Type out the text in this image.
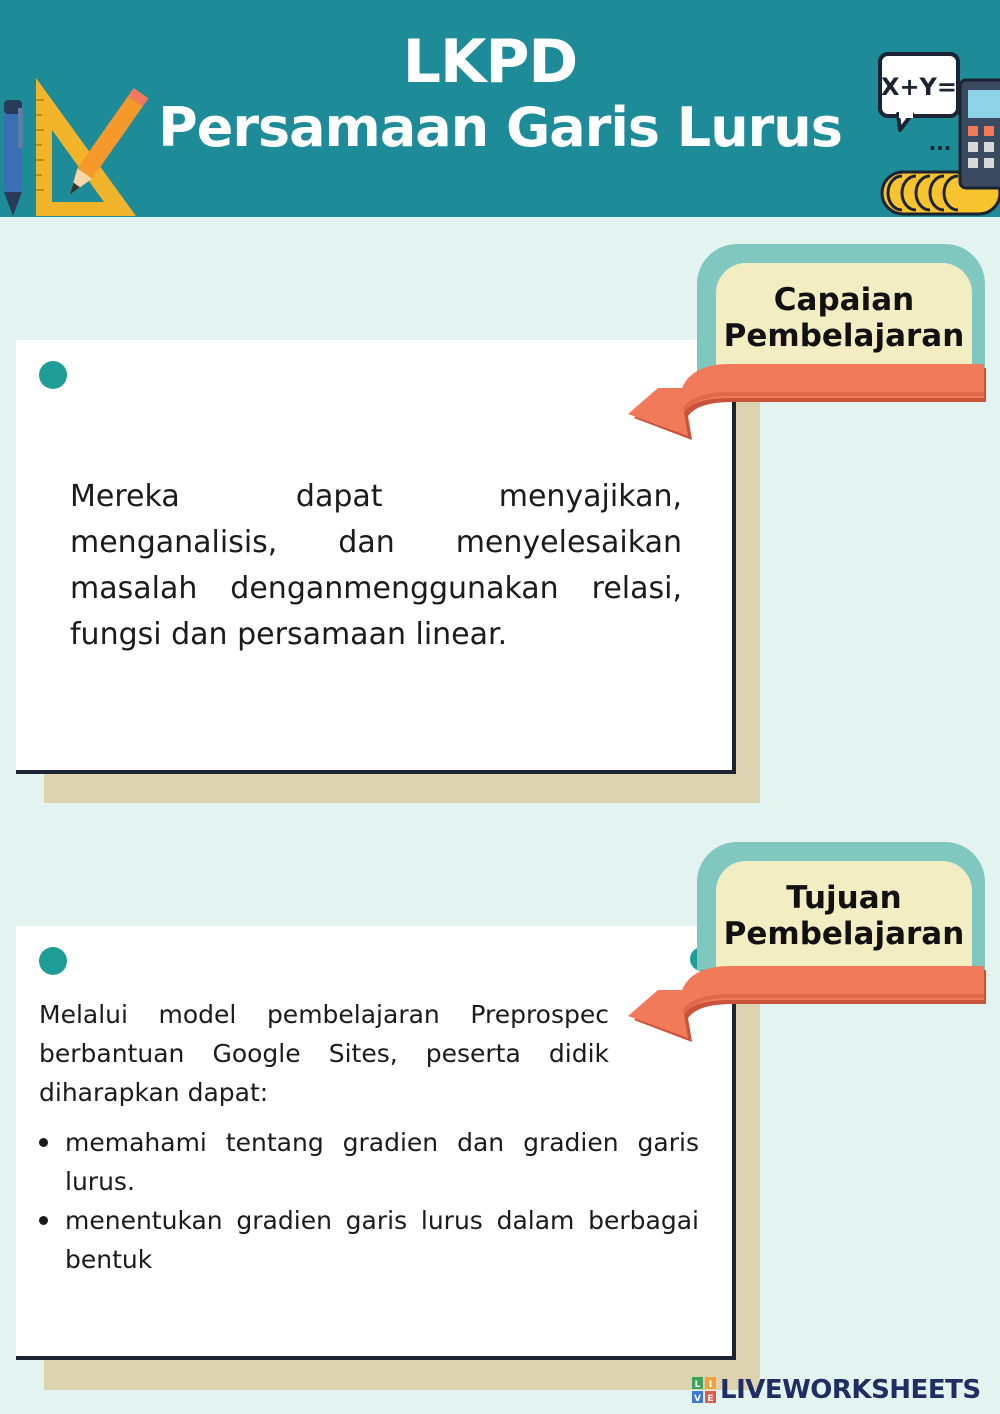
LKPD
Persamaan Garis Lurus
X+Y=
...

Mereka dapat menyajikan, menganalisis, dan menyelesaikan masalah denganmenggunakan relasi, fungsi dan persamaan linear.

Capaian
Pembelajaran

Melalui model pembelajaran Preprospec berbantuan Google Sites, peserta didik diharapkan dapat:

memahami tentang gradien dan gradien garis lurus.
menentukan gradien garis lurus dalam berbagai bentuk
Tujuan
Pembelajaran
L I
V E LIVEWORKSHEETS
